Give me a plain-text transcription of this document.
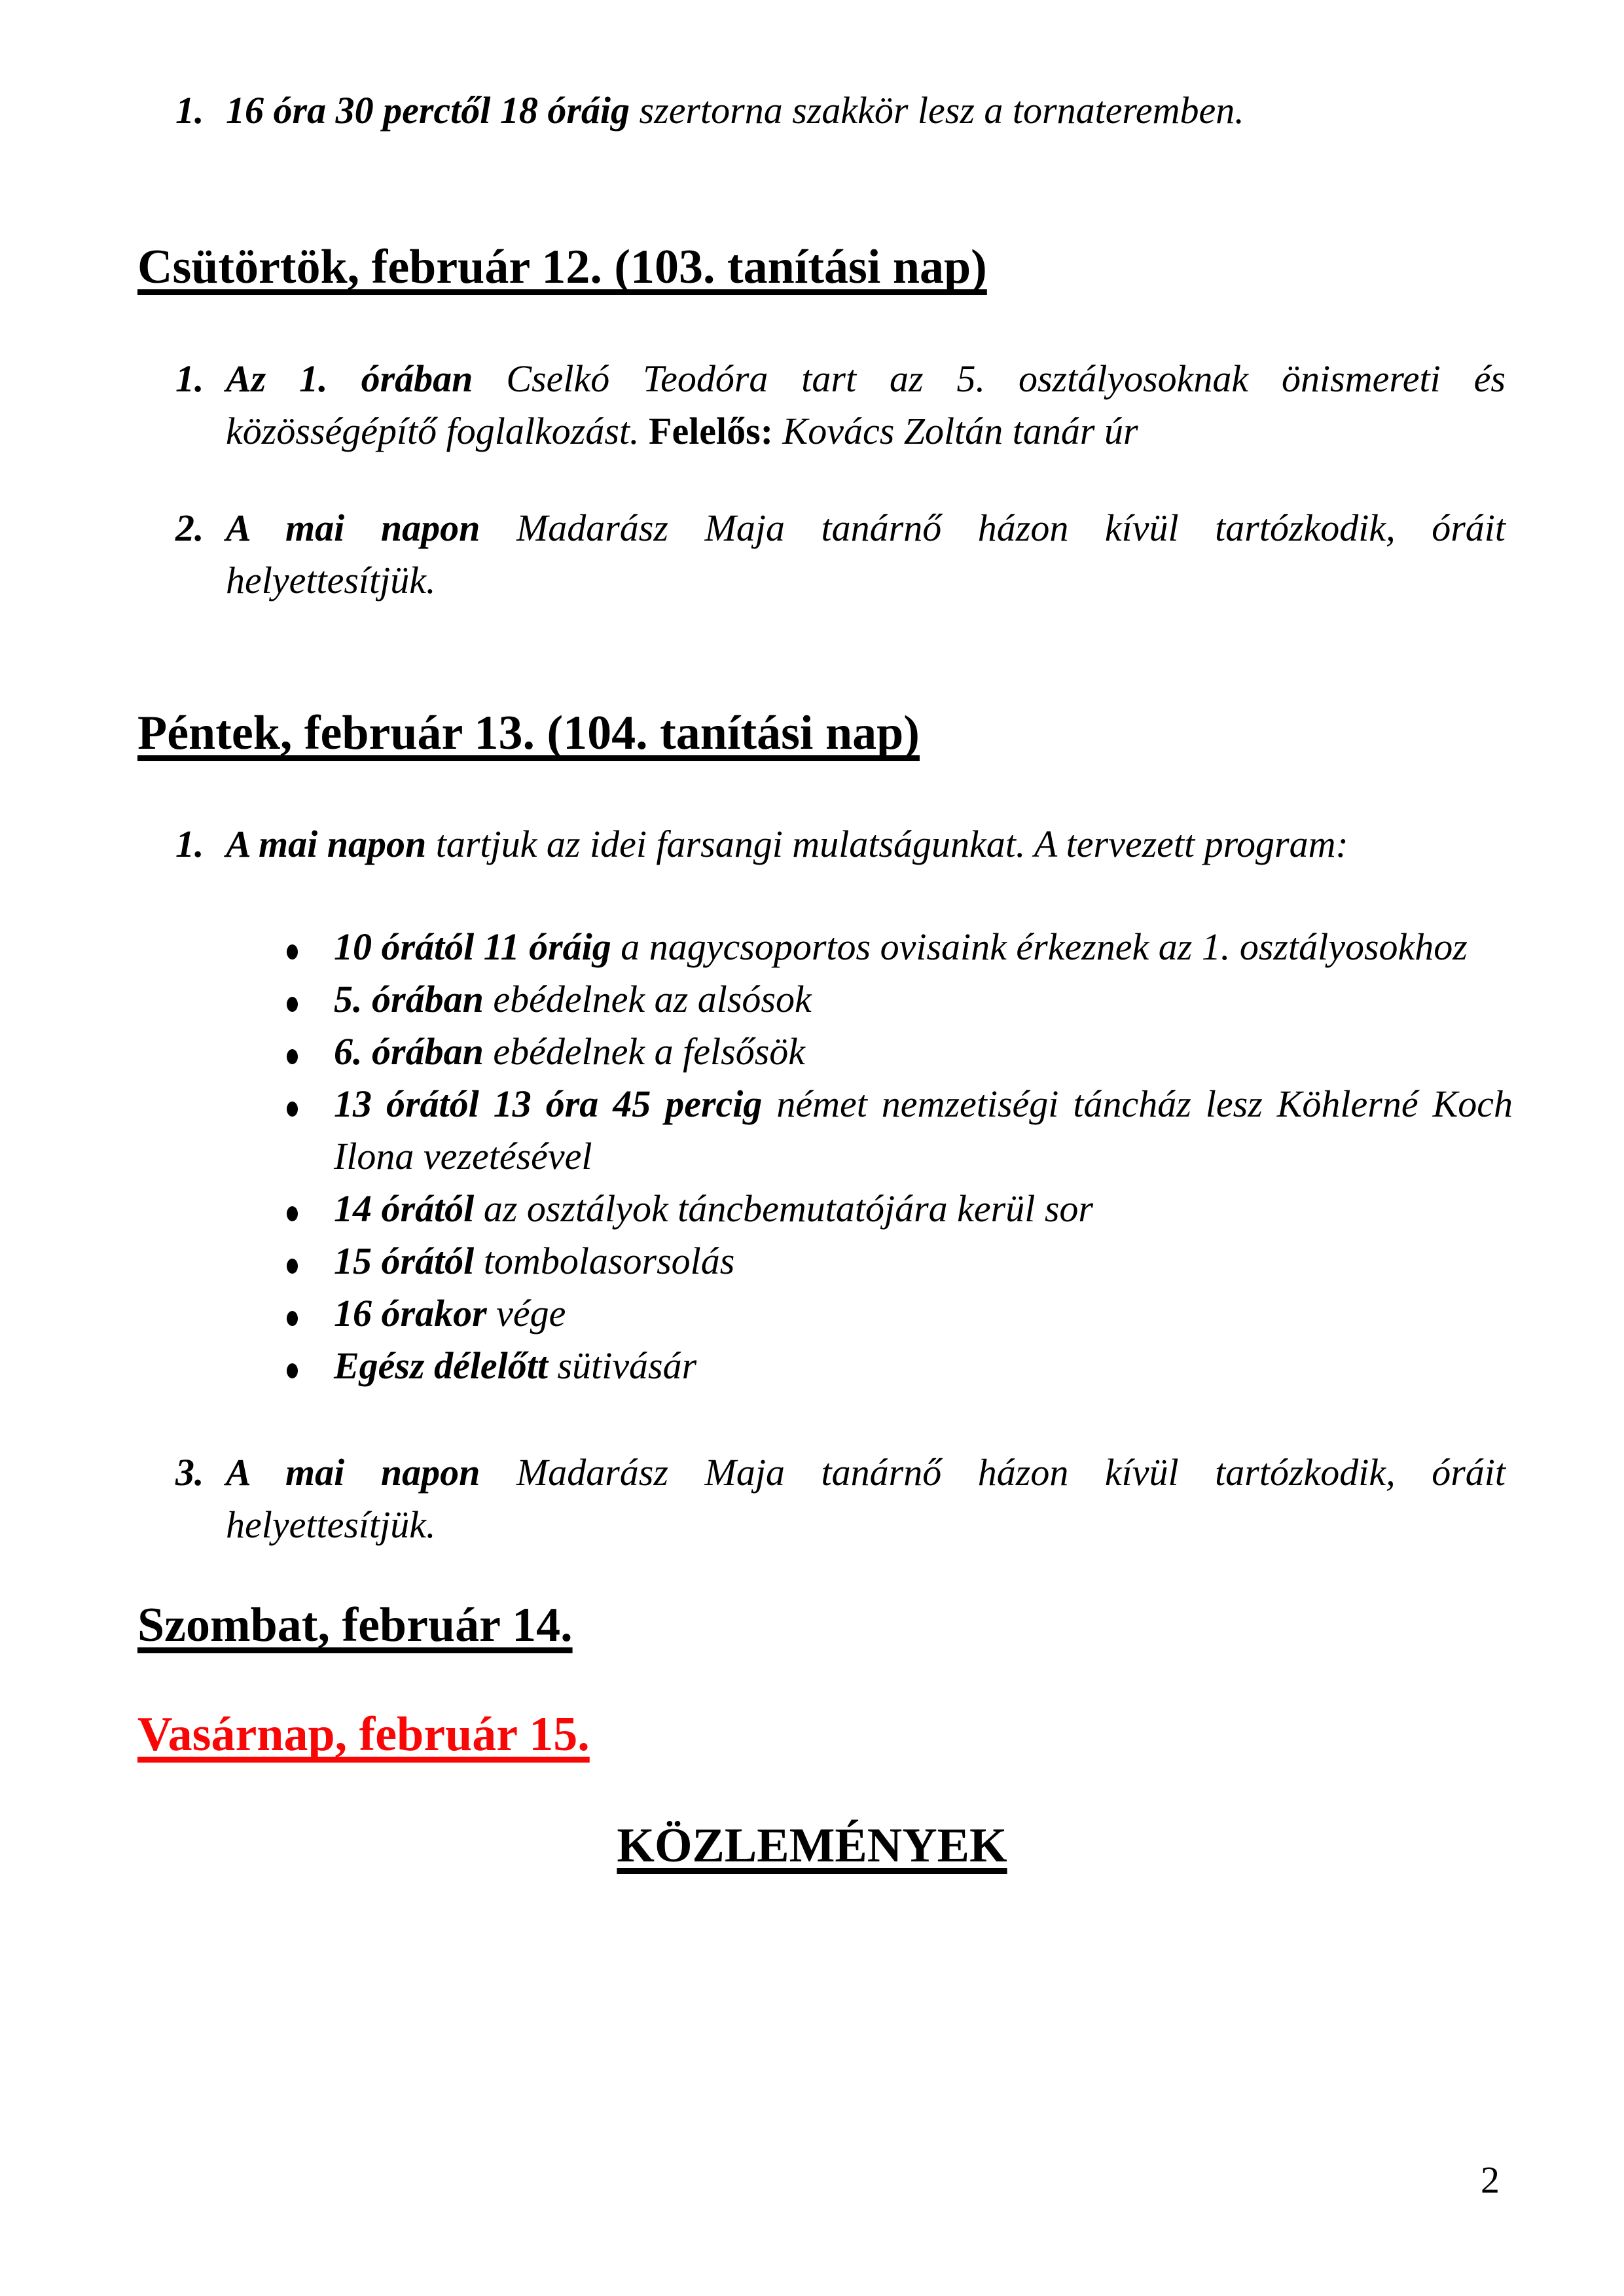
1. 16 óra 30 perctől 18 óráig szertorna szakkör lesz a tornateremben.
Csütörtök, február 12. (103. tanítási nap)
1. Az 1. órában Cselkó Teodóra tart az 5. osztályosoknak önismereti és
közösségépítő foglalkozást. Felelős: Kovács Zoltán tanár úr
2. A mai napon Madarász Maja tanárnő házon kívül tartózkodik, óráit
helyettesítjük.
Péntek, február 13. (104. tanítási nap)
1. A mai napon tartjuk az idei farsangi mulatságunkat. A tervezett program:
10 órától 11 óráig a nagycsoportos ovisaink érkeznek az 1. osztályosokhoz
5. órában ebédelnek az alsósok
6. órában ebédelnek a felsősök
13 órától 13 óra 45 percig német nemzetiségi táncház lesz Köhlerné Koch
Ilona vezetésével
14 órától az osztályok táncbemutatójára kerül sor
15 órától tombolasorsolás
16 órakor vége
Egész délelőtt sütivásár
3. A mai napon Madarász Maja tanárnő házon kívül tartózkodik, óráit
helyettesítjük.
Szombat, február 14.
Vasárnap, február 15.
KÖZLEMÉNYEK
2
